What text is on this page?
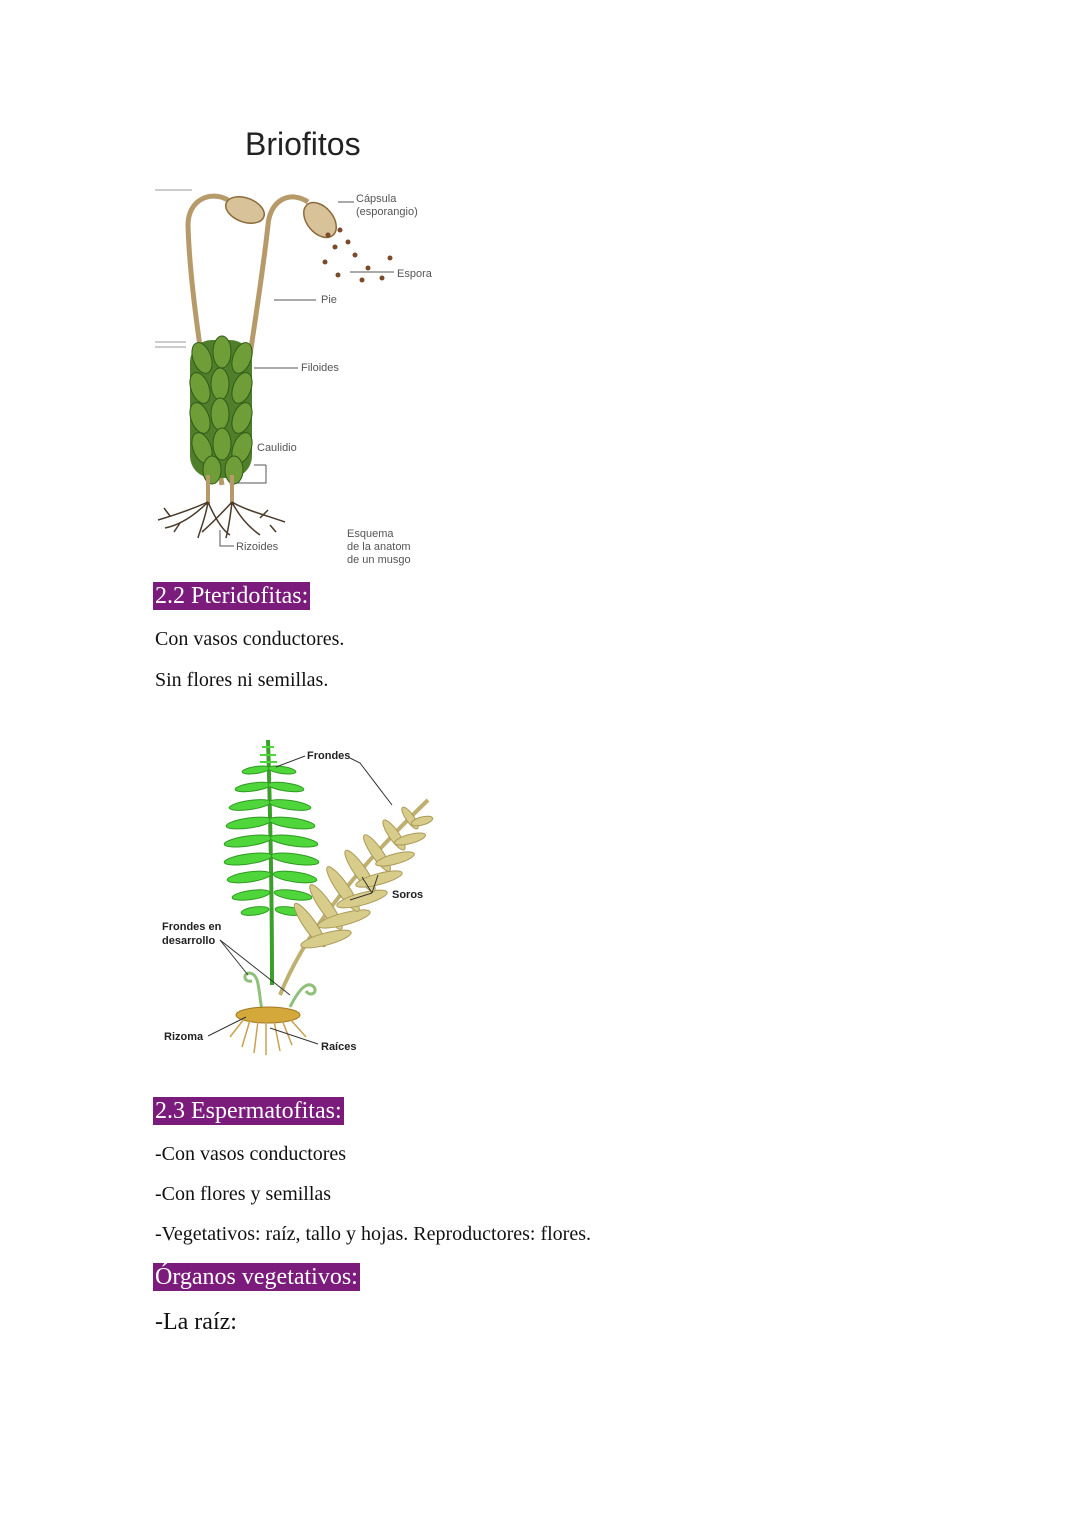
Briofitos
Cápsula
(esporangio)
Espora
Pie
Filoides
Caulidio
Rizoides
Esquema
de la anatom
de un musgo
2.2 Pteridofitas:
Con vasos conductores.
Sin flores ni semillas.
Frondes
Soros
Frondes en
desarrollo
Rizoma
Raíces
2.3 Espermatofitas:
-Con vasos conductores
-Con flores y semillas
-Vegetativos: raíz, tallo y hojas. Reproductores: flores.
Órganos vegetativos:
-La raíz:
